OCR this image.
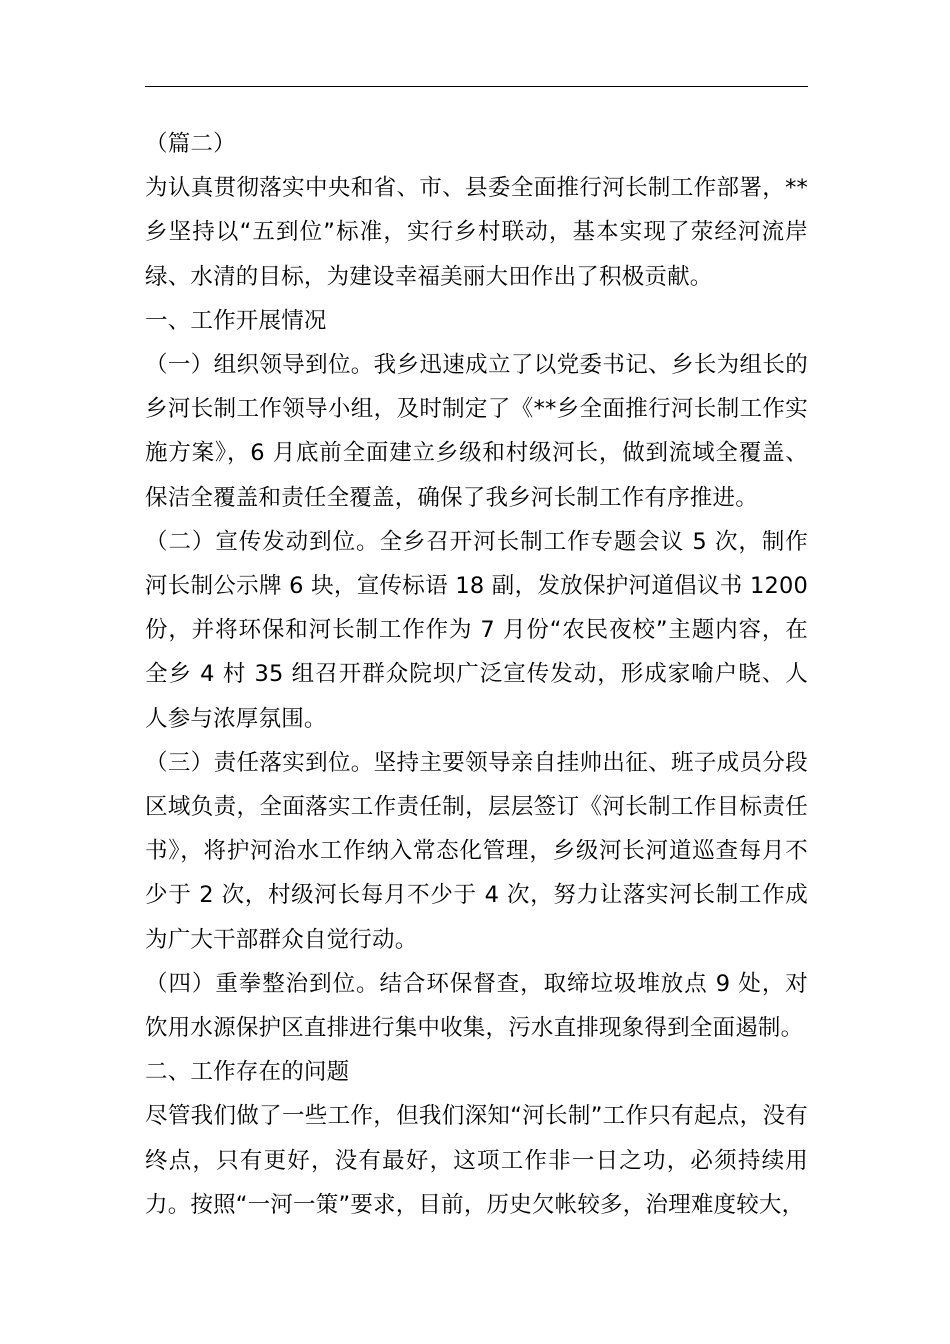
（篇二）

为认真贯彻落实中央和省、市、县委全面推行河长制工作部署，**乡坚持以“五到位”标准，实行乡村联动，基本实现了荥经河流岸绿、水清的目标，为建设幸福美丽大田作出了积极贡献。

一、工作开展情况

（一）组织领导到位。我乡迅速成立了以党委书记、乡长为组长的乡河长制工作领导小组，及时制定了《**乡全面推行河长制工作实施方案》，6 月底前全面建立乡级和村级河长，做到流域全覆盖、保洁全覆盖和责任全覆盖，确保了我乡河长制工作有序推进。

（二）宣传发动到位。全乡召开河长制工作专题会议 5 次，制作河长制公示牌 6 块，宣传标语 18 副，发放保护河道倡议书 1200 份，并将环保和河长制工作作为 7 月份“农民夜校”主题内容，在全乡 4 村 35 组召开群众院坝广泛宣传发动，形成家喻户晓、人人参与浓厚氛围。

（三）责任落实到位。坚持主要领导亲自挂帅出征、班子成员分段区域负责，全面落实工作责任制，层层签订《河长制工作目标责任书》，将护河治水工作纳入常态化管理，乡级河长河道巡查每月不少于 2 次，村级河长每月不少于 4 次，努力让落实河长制工作成为广大干部群众自觉行动。

（四）重拳整治到位。结合环保督查，取缔垃圾堆放点 9 处，对饮用水源保护区直排进行集中收集，污水直排现象得到全面遏制。

二、工作存在的问题

尽管我们做了一些工作，但我们深知“河长制”工作只有起点，没有终点，只有更好，没有最好，这项工作非一日之功，必须持续用力。按照“一河一策”要求，目前，历史欠帐较多，治理难度较大，
